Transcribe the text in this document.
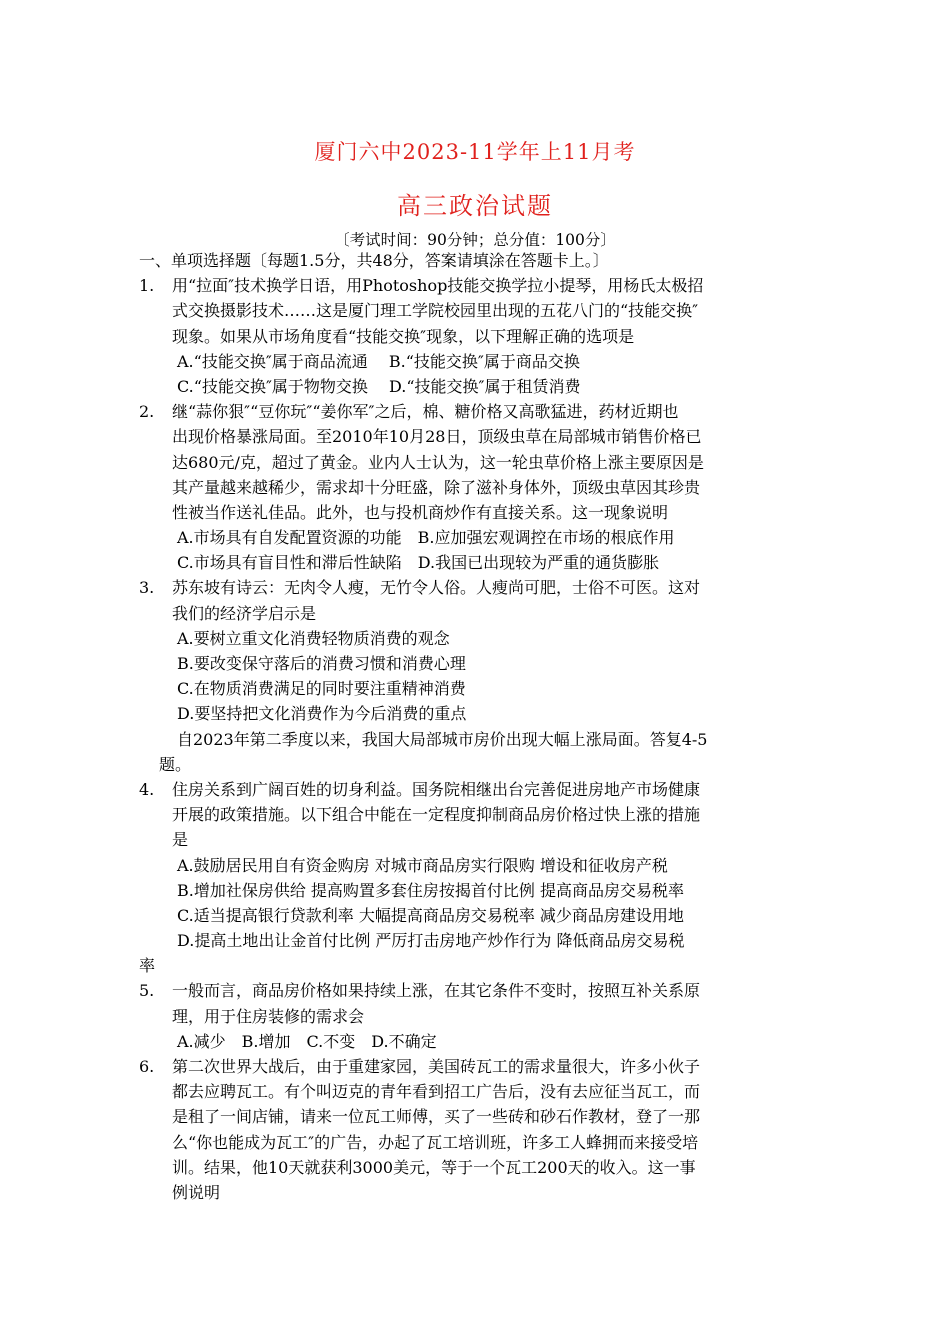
厦门六中2023-11学年上11月考
高三政治试题
〔考试时间：90分钟；总分值：100分〕
一、单项选择题〔每题1.5分，共48分，答案请填涂在答题卡上。〕
1. 用“拉面″技术换学日语，用Photoshop技能交换学拉小提琴，用杨氏太极招
式交换摄影技术……这是厦门理工学院校园里出现的五花八门的“技能交换″
现象。如果从市场角度看“技能交换″现象，以下理解正确的选项是
A.“技能交换″属于商品流通　 B.“技能交换″属于商品交换
C.“技能交换″属于物物交换　 D.“技能交换″属于租赁消费
2. 继“蒜你狠″“豆你玩″“姜你军″之后，棉、糖价格又高歌猛进，药材近期也
出现价格暴涨局面。至2010年10月28日，顶级虫草在局部城市销售价格已
达680元/克，超过了黄金。业内人士认为，这一轮虫草价格上涨主要原因是
其产量越来越稀少，需求却十分旺盛，除了滋补身体外，顶级虫草因其珍贵
性被当作送礼佳品。此外，也与投机商炒作有直接关系。这一现象说明
A.市场具有自发配置资源的功能　B.应加强宏观调控在市场的根底作用
C.市场具有盲目性和滞后性缺陷　D.我国已出现较为严重的通货膨胀
3. 苏东坡有诗云：无肉令人瘦，无竹令人俗。人瘦尚可肥，士俗不可医。这对
我们的经济学启示是
A.要树立重文化消费轻物质消费的观念
B.要改变保守落后的消费习惯和消费心理
C.在物质消费满足的同时要注重精神消费
D.要坚持把文化消费作为今后消费的重点
自2023年第二季度以来，我国大局部城市房价出现大幅上涨局面。答复4-5
题。
4. 住房关系到广阔百姓的切身利益。国务院相继出台完善促进房地产市场健康
开展的政策措施。以下组合中能在一定程度抑制商品房价格过快上涨的措施
是
A.鼓励居民用自有资金购房 对城市商品房实行限购 增设和征收房产税
B.增加社保房供给 提高购置多套住房按揭首付比例 提高商品房交易税率
C.适当提高银行贷款利率 大幅提高商品房交易税率 减少商品房建设用地
D.提高土地出让金首付比例 严厉打击房地产炒作行为 降低商品房交易税
率
5. 一般而言，商品房价格如果持续上涨，在其它条件不变时，按照互补关系原
理，用于住房装修的需求会
A.减少　B.增加　C.不变　D.不确定
6. 第二次世界大战后，由于重建家园，美国砖瓦工的需求量很大，许多小伙子
都去应聘瓦工。有个叫迈克的青年看到招工广告后，没有去应征当瓦工，而
是租了一间店铺，请来一位瓦工师傅，买了一些砖和砂石作教材，登了一那
么“你也能成为瓦工″的广告，办起了瓦工培训班，许多工人蜂拥而来接受培
训。结果，他10天就获利3000美元，等于一个瓦工200天的收入。这一事
例说明
